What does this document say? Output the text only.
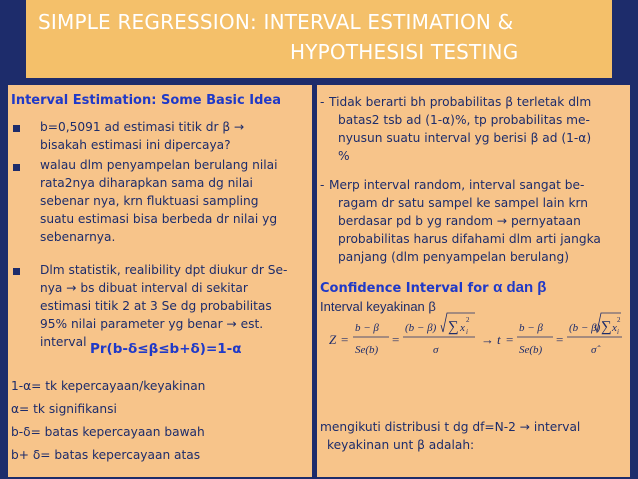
SIMPLE REGRESSION: INTERVAL ESTIMATION &
HYPOTHESISI TESTING
Interval Estimation: Some Basic Idea
b=0,5091 ad estimasi titik dr β →
bisakah estimasi ini dipercaya?
walau dlm penyampelan berulang nilai
rata2nya diharapkan sama dg nilai
sebenar nya, krn fluktuasi sampling
suatu estimasi bisa berbeda dr nilai yg
sebenarnya.
Dlm statistik, realibility dpt diukur dr Se-
nya → bs dibuat interval di sekitar
estimasi titik 2 at 3 Se dg probabilitas
95% nilai parameter yg benar → est.
interval Pr(b-δ≤β≤b+δ)=1-α
1-α= tk kepercayaan/keyakinan
α= tk signifikansi
b-δ= batas kepercayaan bawah
b+ δ= batas kepercayaan atas
- Tidak berarti bh probabilitas β terletak dlm
batas2 tsb ad (1-α)%, tp probabilitas me-
nyusun suatu interval yg berisi β ad (1-α)
%
- Merp interval random, interval sangat be-
ragam dr satu sampel ke sampel lain krn
berdasar pd b yg random → pernyataan
probabilitas harus difahami dlm arti jangka
panjang (dlm penyampelan berulang)
Confidence Interval for α dan β
Interval keyakinan β
Z =
b − β
Se(b)
=
(b − β) ∑ x
2
i
σ
→ t =
b − β
Se(b)
=
(b − β) ∑ x
2
i
σ̂
mengikuti distribusi t dg df=N-2 → interval
keyakinan unt β adalah:
